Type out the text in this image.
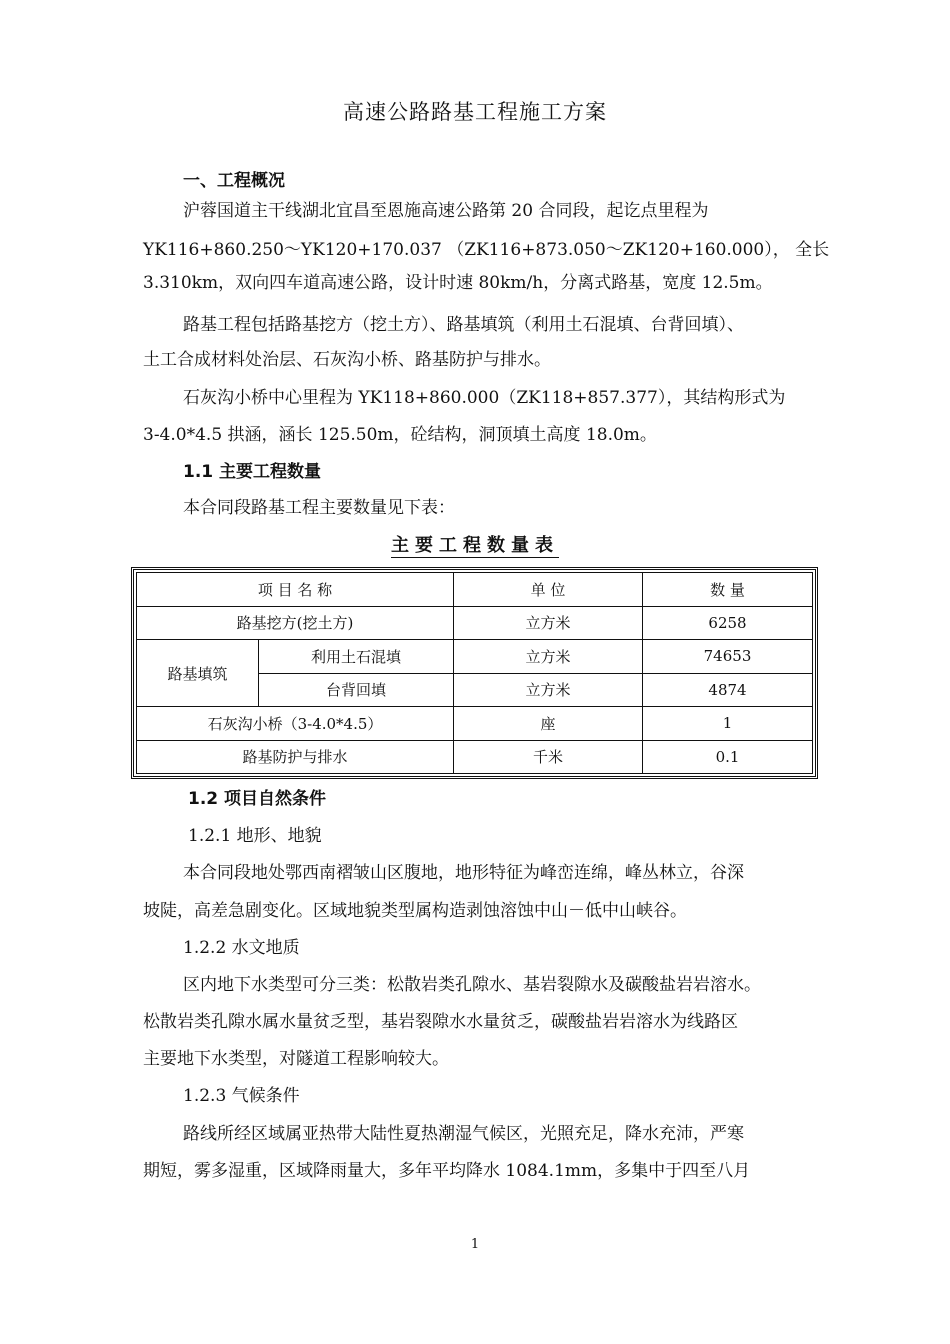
高速公路路基工程施工方案
一、工程概况
沪蓉国道主干线湖北宜昌至恩施高速公路第 20 合同段，起讫点里程为
YK116+860.250～YK120+170.037 （ZK116+873.050～ZK120+160.000）， 全长
3.310km，双向四车道高速公路，设计时速 80km/h，分离式路基，宽度 12.5m。
路基工程包括路基挖方（挖土方）、路基填筑（利用土石混填、台背回填）、
土工合成材料处治层、石灰沟小桥、路基防护与排水。
石灰沟小桥中心里程为 YK118+860.000（ZK118+857.377），其结构形式为
3-4.0*4.5 拱涵，涵长 125.50m，砼结构，洞顶填土高度 18.0m。
1.1 主要工程数量
本合同段路基工程主要数量见下表：
主要工程数量表
项 目 名 称		单 位	数 量
路基挖方(挖土方)		立方米	6258
路基填筑	利用土石混填	立方米	74653
	台背回填	立方米	4874
石灰沟小桥（3-4.0*4.5）		座	1
路基防护与排水		千米	0.1
1.2 项目自然条件
1.2.1 地形、地貌
本合同段地处鄂西南褶皱山区腹地，地形特征为峰峦连绵，峰丛林立，谷深
坡陡，高差急剧变化。区域地貌类型属构造剥蚀溶蚀中山－低中山峡谷。
1.2.2 水文地质
区内地下水类型可分三类：松散岩类孔隙水、基岩裂隙水及碳酸盐岩岩溶水。
松散岩类孔隙水属水量贫乏型，基岩裂隙水水量贫乏，碳酸盐岩岩溶水为线路区
主要地下水类型，对隧道工程影响较大。
1.2.3 气候条件
路线所经区域属亚热带大陆性夏热潮湿气候区，光照充足，降水充沛，严寒
期短，雾多湿重，区域降雨量大，多年平均降水 1084.1mm，多集中于四至八月
1
